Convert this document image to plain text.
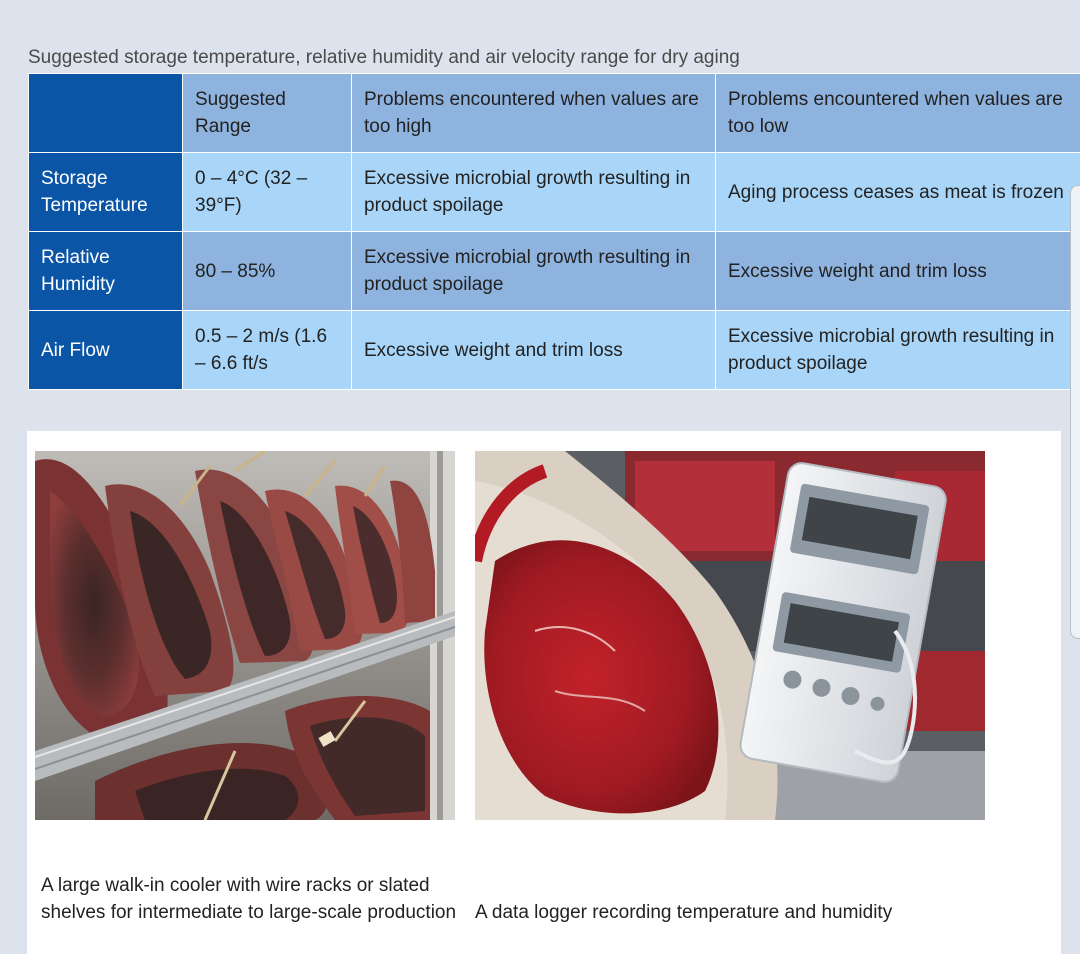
Suggested storage temperature, relative humidity and air velocity range for dry aging
	Suggested Range	Problems encountered when values are too high	Problems encountered when values are too low
Storage Temperature	0 – 4°C (32 – 39°F)	Excessive microbial growth resulting in product spoilage	Aging process ceases as meat is frozen
Relative Humidity	80 – 85%	Excessive microbial growth resulting in product spoilage	Excessive weight and trim loss
Air Flow	0.5 – 2 m/s (1.6 – 6.6 ft/s	Excessive weight and trim loss	Excessive microbial growth resulting in product spoilage
A large walk-in cooler with wire racks or slated shelves for intermediate to large-scale production A data logger recording temperature and humidity
